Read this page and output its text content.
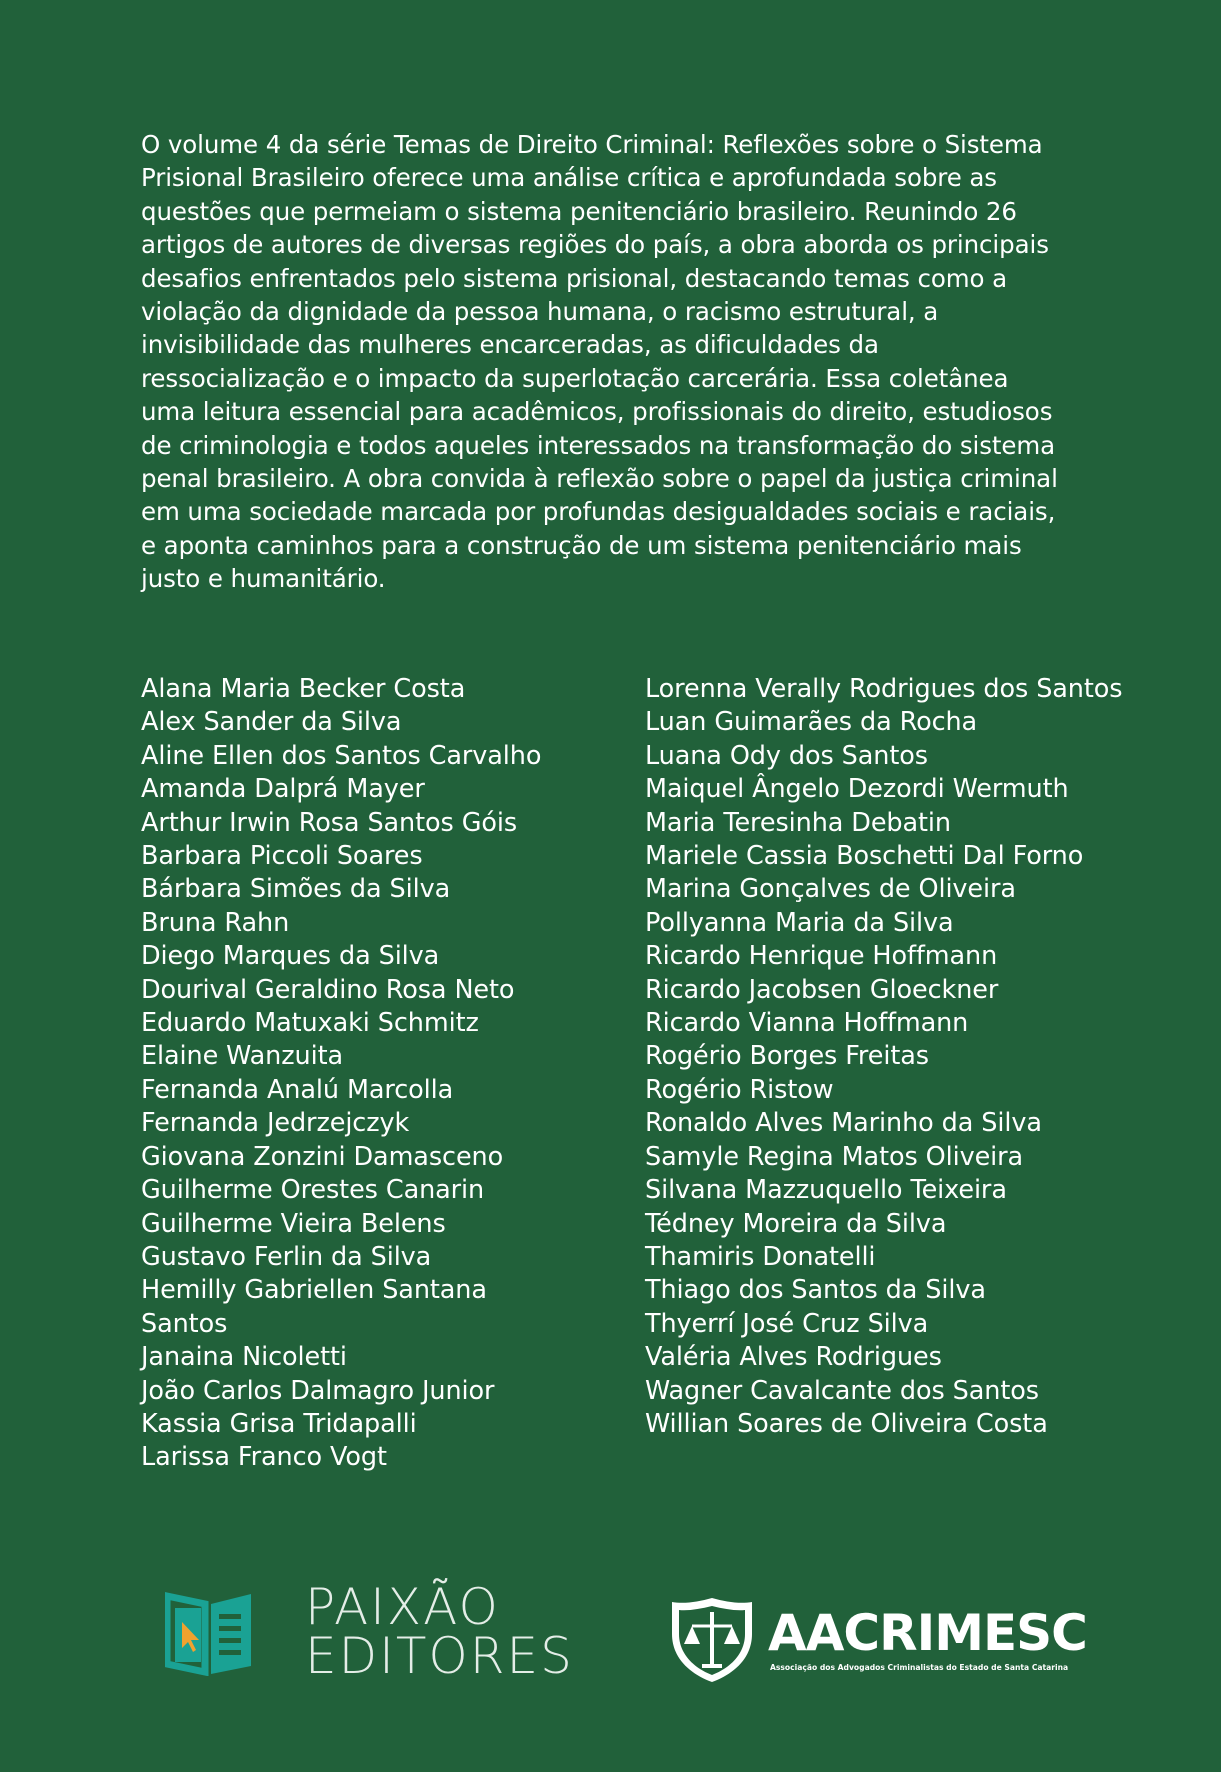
O volume 4 da série Temas de Direito Criminal: Reflexões sobre o Sistema
Prisional Brasileiro oferece uma análise crítica e aprofundada sobre as
questões que permeiam o sistema penitenciário brasileiro. Reunindo 26
artigos de autores de diversas regiões do país, a obra aborda os principais
desafios enfrentados pelo sistema prisional, destacando temas como a
violação da dignidade da pessoa humana, o racismo estrutural, a
invisibilidade das mulheres encarceradas, as dificuldades da
ressocialização e o impacto da superlotação carcerária. Essa coletânea
uma leitura essencial para acadêmicos, profissionais do direito, estudiosos
de criminologia e todos aqueles interessados na transformação do sistema
penal brasileiro. A obra convida à reflexão sobre o papel da justiça criminal
em uma sociedade marcada por profundas desigualdades sociais e raciais,
e aponta caminhos para a construção de um sistema penitenciário mais
justo e humanitário.
Alana Maria Becker Costa
Alex Sander da Silva
Aline Ellen dos Santos Carvalho
Amanda Dalprá Mayer
Arthur Irwin Rosa Santos Góis
Barbara Piccoli Soares
Bárbara Simões da Silva
Bruna Rahn
Diego Marques da Silva
Dourival Geraldino Rosa Neto
Eduardo Matuxaki Schmitz
Elaine Wanzuita
Fernanda Analú Marcolla
Fernanda Jedrzejczyk
Giovana Zonzini Damasceno
Guilherme Orestes Canarin
Guilherme Vieira Belens
Gustavo Ferlin da Silva
Hemilly Gabriellen Santana
Santos
Janaina Nicoletti
João Carlos Dalmagro Junior
Kassia Grisa Tridapalli
Larissa Franco Vogt
Lorenna Verally Rodrigues dos Santos
Luan Guimarães da Rocha
Luana Ody dos Santos
Maiquel Ângelo Dezordi Wermuth
Maria Teresinha Debatin
Mariele Cassia Boschetti Dal Forno
Marina Gonçalves de Oliveira
Pollyanna Maria da Silva
Ricardo Henrique Hoffmann
Ricardo Jacobsen Gloeckner
Ricardo Vianna Hoffmann
Rogério Borges Freitas
Rogério Ristow
Ronaldo Alves Marinho da Silva
Samyle Regina Matos Oliveira
Silvana Mazzuquello Teixeira
Tédney Moreira da Silva
Thamiris Donatelli
Thiago dos Santos da Silva
Thyerrí José Cruz Silva
Valéria Alves Rodrigues
Wagner Cavalcante dos Santos
Willian Soares de Oliveira Costa
PAIXÃO
EDITORES	AACRIMESC
Associação dos Advogados Criminalistas do Estado de Santa Catarina
